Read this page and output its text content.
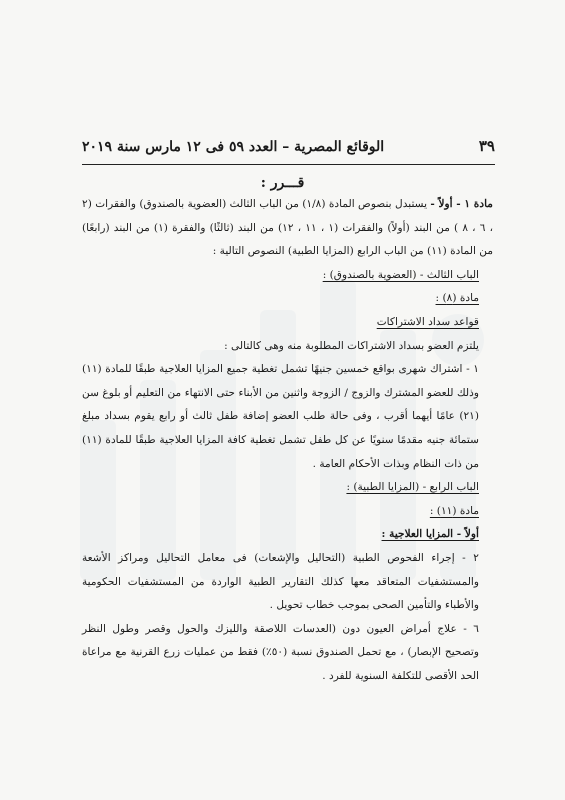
٣٩
الوقائع المصرية – العدد ٥٩ فى ١٢ مارس سنة ٢٠١٩
قـــرر :

مادة ١ - أولاً - يستبدل بنصوص المادة (١/٨) من الباب الثالث (العضوية بالصندوق) والفقرات (٢ ، ٦ ، ٨ ) من البند (أولاً) والفقرات (١ ، ١١ ، ١٢) من البند (ثالثًا) والفقرة (١) من البند (رابعًا) من المادة (١١) من الباب الرابع (المزايا الطبية) النصوص التالية :

الباب الثالث - (العضوية بالصندوق) :

مادة (٨) :

قواعد سداد الاشتراكات

يلتزم العضو بسداد الاشتراكات المطلوبة منه وهى كالتالى :

١ - اشتراك شهرى بواقع خمسين جنيهًا تشمل تغطية جميع المزايا العلاجية طبقًا للمادة (١١) وذلك للعضو المشترك والزوج / الزوجة واثنين من الأبناء حتى الانتهاء من التعليم أو بلوغ سن (٢١) عامًا أيهما أقرب ، وفى حالة طلب العضو إضافة طفل ثالث أو رابع يقوم بسداد مبلغ ستمائة جنيه مقدمًا سنويًا عن كل طفل تشمل تغطية كافة المزايا العلاجية طبقًا للمادة (١١) من ذات النظام وبذات الأحكام العامة .

الباب الرابع - (المزايا الطبية) :

مادة (١١) :

أولاً - المزايا العلاجية :

٢ - إجراء الفحوص الطبية (التحاليل والإشعات) فى معامل التحاليل ومراكز الأشعة والمستشفيات المتعاقد معها كذلك التقارير الطبية الواردة من المستشفيات الحكومية والأطباء والتأمين الصحى بموجب خطاب تحويل .

٦ - علاج أمراض العيون دون (العدسات اللاصقة والليزك والحول وقصر وطول النظر وتصحيح الإبصار) ، مع تحمل الصندوق نسبة (٥٠٪) فقط من عمليات زرع القرنية مع مراعاة الحد الأقصى للتكلفة السنوية للفرد .
